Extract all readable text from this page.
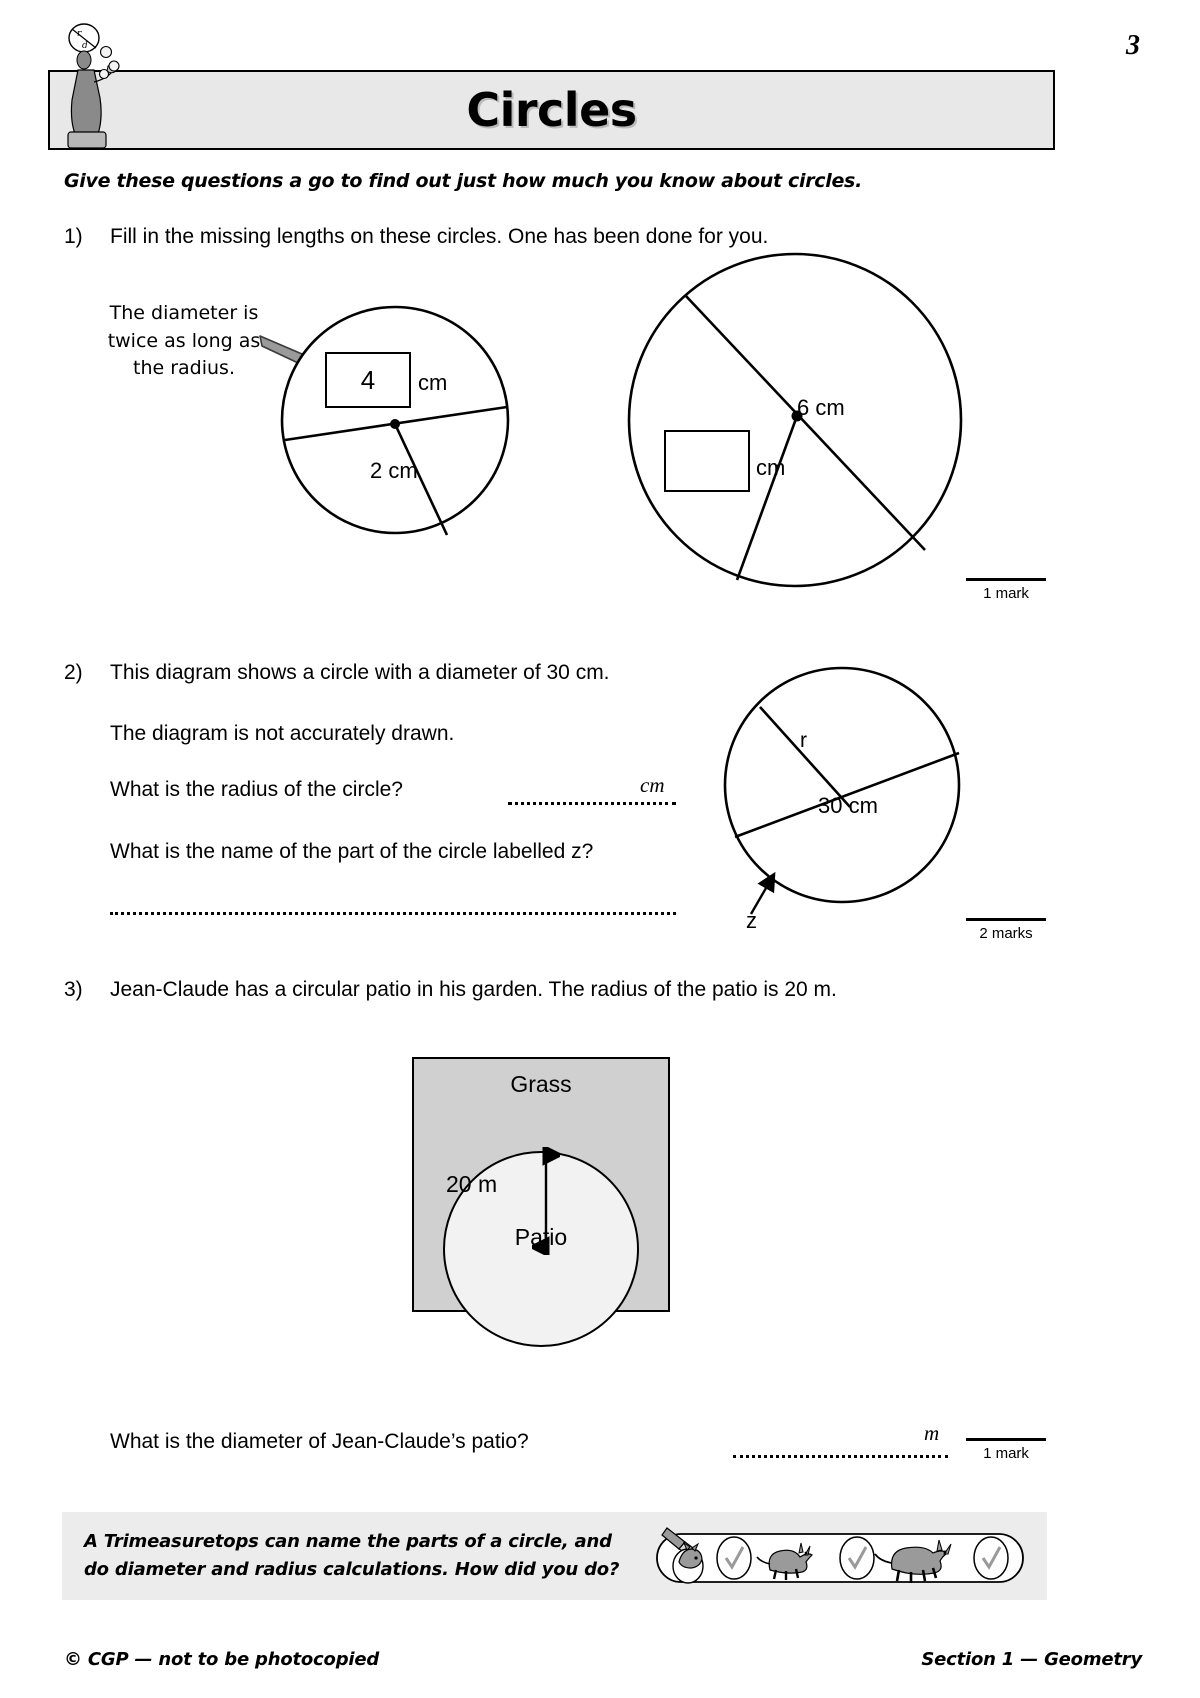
3
Circles
r
d
Give these questions a go to find out just how much you know about circles.
1) Fill in the missing lengths on these circles. One has been done for you.
The diameter is
twice as long as
the radius.	4 cm
2 cm	cm
6 cm
1 mark
2) This diagram shows a circle with a diameter of 30 cm.
The diagram is not accurately drawn.
What is the radius of the circle?	cm
What is the name of the part of the circle labelled z?
r
30 cm
z
2 marks
3) Jean-Claude has a circular patio in his garden. The radius of the patio is 20 m.
Grass
Patio
20 m
What is the diameter of Jean-Claude’s patio?	m
1 mark
A Trimeasuretops can name the parts of a circle, and
do diameter and radius calculations. How did you do?
© CGP — not to be photocopied	Section 1 — Geometry
